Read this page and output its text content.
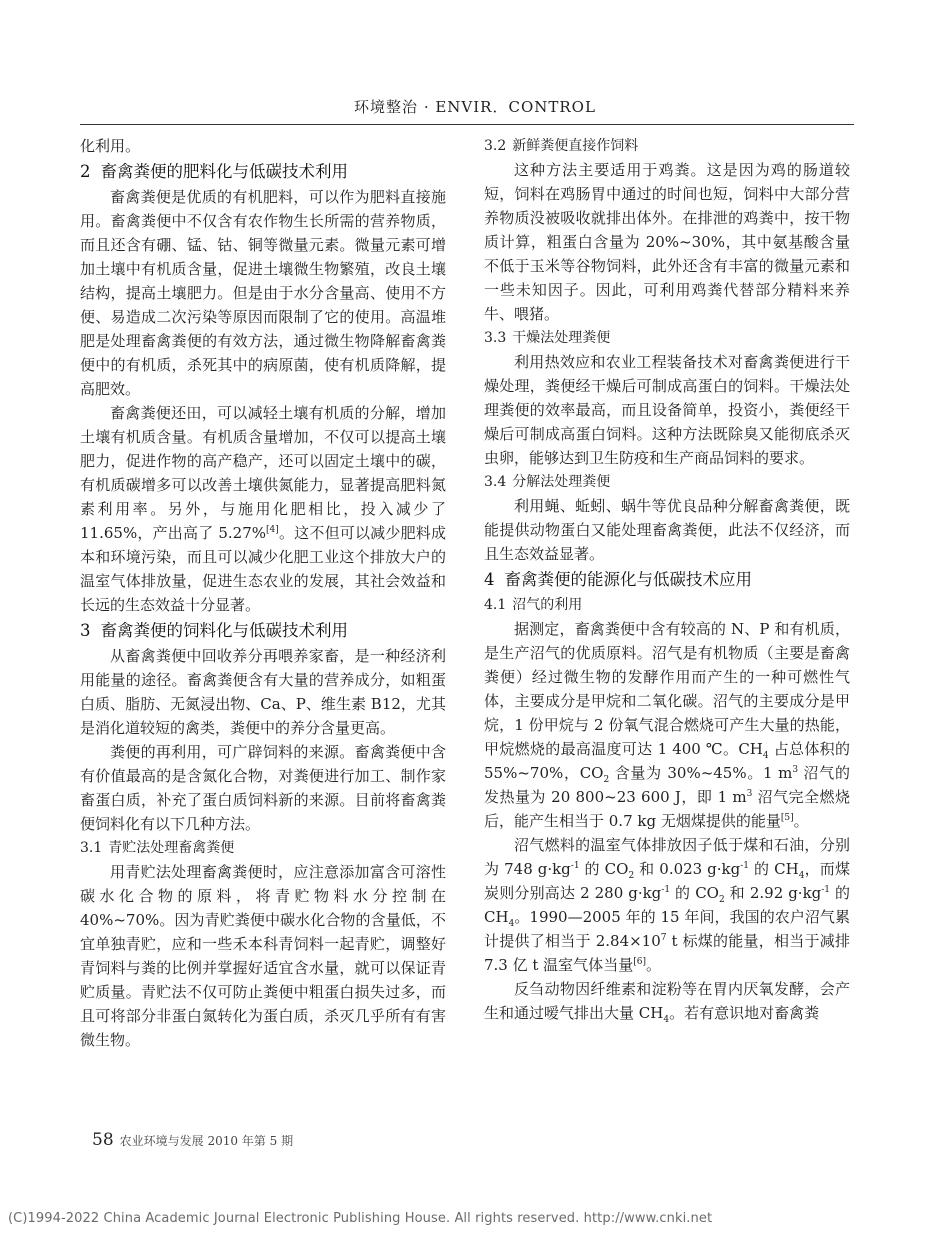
环境整治 · ENVIR．CONTROL

化利用。

2 畜禽粪便的肥料化与低碳技术利用

畜禽粪便是优质的有机肥料，可以作为肥料直接施用。畜禽粪便中不仅含有农作物生长所需的营养物质，而且还含有硼、锰、钴、铜等微量元素。微量元素可增加土壤中有机质含量，促进土壤微生物繁殖，改良土壤结构，提高土壤肥力。但是由于水分含量高、使用不方便、易造成二次污染等原因而限制了它的使用。高温堆肥是处理畜禽粪便的有效方法，通过微生物降解畜禽粪便中的有机质，杀死其中的病原菌，使有机质降解，提高肥效。

畜禽粪便还田，可以减轻土壤有机质的分解，增加土壤有机质含量。有机质含量增加，不仅可以提高土壤肥力，促进作物的高产稳产，还可以固定土壤中的碳，有机质碳增多可以改善土壤供氮能力，显著提高肥料氮素利用率。另外，与施用化肥相比，投入减少了 11.65%，产出高了 5.27%[4]。这不但可以减少肥料成本和环境污染，而且可以减少化肥工业这个排放大户的温室气体排放量，促进生态农业的发展，其社会效益和长远的生态效益十分显著。

3 畜禽粪便的饲料化与低碳技术利用

从畜禽粪便中回收养分再喂养家畜，是一种经济利用能量的途径。畜禽粪便含有大量的营养成分，如粗蛋白质、脂肪、无氮浸出物、Ca、P、维生素 B12，尤其是消化道较短的禽类，粪便中的养分含量更高。

粪便的再利用，可广辟饲料的来源。畜禽粪便中含有价值最高的是含氮化合物，对粪便进行加工、制作家畜蛋白质，补充了蛋白质饲料新的来源。目前将畜禽粪便饲料化有以下几种方法。

3.1 青贮法处理畜禽粪便

用青贮法处理畜禽粪便时，应注意添加富含可溶性碳水化合物的原料，将青贮物料水分控制在 40%~70%。因为青贮粪便中碳水化合物的含量低，不宜单独青贮，应和一些禾本科青饲料一起青贮，调整好青饲料与粪的比例并掌握好适宜含水量，就可以保证青贮质量。青贮法不仅可防止粪便中粗蛋白损失过多，而且可将部分非蛋白氮转化为蛋白质，杀灭几乎所有有害微生物。

3.2 新鲜粪便直接作饲料

这种方法主要适用于鸡粪。这是因为鸡的肠道较短，饲料在鸡肠胃中通过的时间也短，饲料中大部分营养物质没被吸收就排出体外。在排泄的鸡粪中，按干物质计算，粗蛋白含量为 20%~30%，其中氨基酸含量不低于玉米等谷物饲料，此外还含有丰富的微量元素和一些未知因子。因此，可利用鸡粪代替部分精料来养牛、喂猪。

3.3 干燥法处理粪便

利用热效应和农业工程装备技术对畜禽粪便进行干燥处理，粪便经干燥后可制成高蛋白的饲料。干燥法处理粪便的效率最高，而且设备简单，投资小，粪便经干燥后可制成高蛋白饲料。这种方法既除臭又能彻底杀灭虫卵，能够达到卫生防疫和生产商品饲料的要求。

3.4 分解法处理粪便

利用蝇、蚯蚓、蜗牛等优良品种分解畜禽粪便，既能提供动物蛋白又能处理畜禽粪便，此法不仅经济，而且生态效益显著。

4 畜禽粪便的能源化与低碳技术应用
4.1 沼气的利用

据测定，畜禽粪便中含有较高的 N、P 和有机质，是生产沼气的优质原料。沼气是有机物质（主要是畜禽粪便）经过微生物的发酵作用而产生的一种可燃性气体，主要成分是甲烷和二氧化碳。沼气的主要成分是甲烷，1 份甲烷与 2 份氧气混合燃烧可产生大量的热能，甲烷燃烧的最高温度可达 1 400 ℃。$CH_4$ 占总体积的 55%~70%，$CO_2$ 含量为 30%~45%。1 $m^3$ 沼气的发热量为 20 800~23 600 J，即 1 $m^3$ 沼气完全燃烧后，能产生相当于 0.7 kg 无烟煤提供的能量[5]。

沼气燃料的温室气体排放因子低于煤和石油，分别为 748 $g\cdot kg^{-1}$ 的 $CO_2$ 和 0.023 $g\cdot kg^{-1}$ 的 $CH_4$，而煤炭则分别高达 2 280 $g\cdot kg^{-1}$ 的 $CO_2$ 和 2.92 $g\cdot kg^{-1}$ 的 $CH_4$。1990—2005 年的 15 年间，我国的农户沼气累计提供了相当于 $2.84\times 10^7$ t 标煤的能量，相当于减排 7.3 亿 t 温室气体当量[6]。

反刍动物因纤维素和淀粉等在胃内厌氧发酵，会产生和通过嗳气排出大量 $CH_4$。若有意识地对畜禽粪

58 农业环境与发展 2010 年第 5 期
(C)1994-2022 China Academic Journal Electronic Publishing House. All rights reserved. http://www.cnki.net
